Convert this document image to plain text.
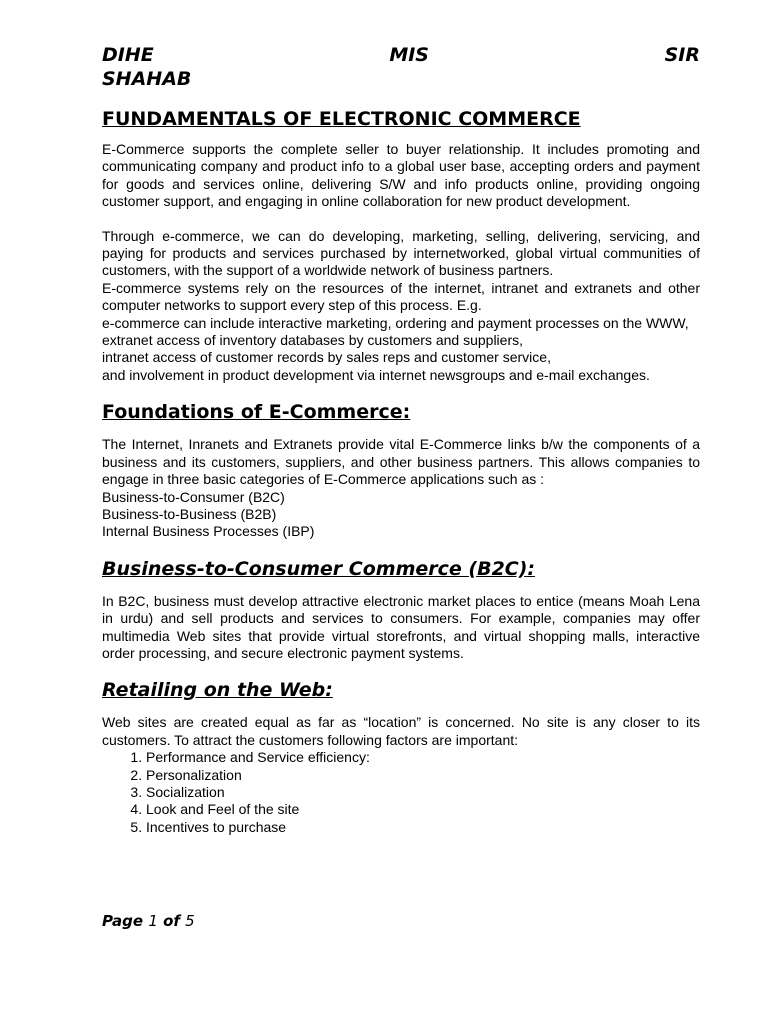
DIHE	MIS	SIR
SHAHAB
FUNDAMENTALS OF ELECTRONIC COMMERCE

E-Commerce supports the complete seller to buyer relationship. It includes promoting and communicating company and product info to a global user base, accepting orders and payment for goods and services online, delivering S/W and info products online, providing ongoing customer support, and engaging in online collaboration for new product development.

Through e-commerce, we can do developing, marketing, selling, delivering, servicing, and paying for products and services purchased by internetworked, global virtual communities of customers, with the support of a worldwide network of business partners.

E-commerce systems rely on the resources of the internet, intranet and extranets and other computer networks to support every step of this process. E.g.

e-commerce can include interactive marketing, ordering and payment processes on the WWW,

extranet access of inventory databases by customers and suppliers,
intranet access of customer records by sales reps and customer service,
and involvement in product development via internet newsgroups and e-mail exchanges.
Foundations of E-Commerce:

The Internet, Inranets and Extranets provide vital E-Commerce links b/w the components of a business and its customers, suppliers, and other business partners. This allows companies to engage in three basic categories of E-Commerce applications such as :

Business-to-Consumer (B2C)
Business-to-Business (B2B)
Internal Business Processes (IBP)
Business-to-Consumer Commerce (B2C):

In B2C, business must develop attractive electronic market places to entice (means Moah Lena in urdu) and sell products and services to consumers. For example, companies may offer multimedia Web sites that provide virtual storefronts, and virtual shopping malls, interactive order processing, and secure electronic payment systems.

Retailing on the Web:

Web sites are created equal as far as “location” is concerned. No site is any closer to its customers. To attract the customers following factors are important:

1. Performance and Service efficiency:
2. Personalization
3. Socialization
4. Look and Feel of the site
5. Incentives to purchase
Page 1 of 5
